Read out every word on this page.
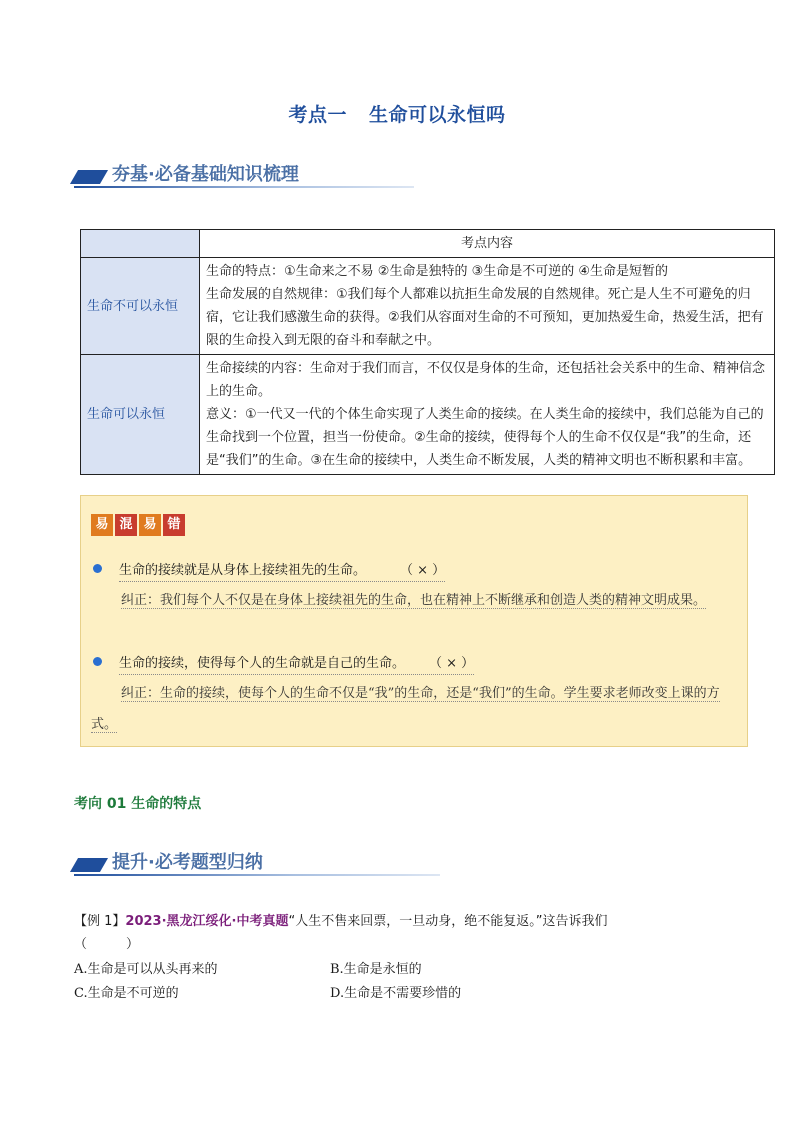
考点一 生命可以永恒吗
夯基·必备基础知识梳理
	考点内容
生命不可以永恒	生命的特点：①生命来之不易 ②生命是独特的 ③生命是不可逆的 ④生命是短暂的
生命发展的自然规律：①我们每个人都难以抗拒生命发展的自然规律。死亡是人生不可避免的归宿，它让我们感激生命的获得。②我们从容面对生命的不可预知，更加热爱生命，热爱生活，把有限的生命投入到无限的奋斗和奉献之中。

生命可以永恒	生命接续的内容：生命对于我们而言，不仅仅是身体的生命，还包括社会关系中的生命、精神信念上的生命。
意义：①一代又一代的个体生命实现了人类生命的接续。在人类生命的接续中，我们总能为自己的生命找到一个位置，担当一份使命。②生命的接续，使得每个人的生命不仅仅是“我”的生命，还是“我们”的生命。③在生命的接续中，人类生命不断发展，人类的精神文明也不断积累和丰富。
易 混 易 错
生命的接续就是从身体上接续祖先的生命。	（ × ）
纠正：我们每个人不仅是在身体上接续祖先的生命，也在精神上不断继承和创造人类的精神文明成果。
生命的接续，使得每个人的生命就是自己的生命。 （ × ）
纠正：生命的接续，使每个人的生命不仅是“我”的生命，还是“我们”的生命。学生要求老师改变上课的方式。
考向 01 生命的特点
提升·必考题型归纳
【例 1】2023·黑龙江绥化·中考真题“人生不售来回票，一旦动身，绝不能复返。”这告诉我们
（　　　）
A.生命是可以从头再来的	B.生命是永恒的
C.生命是不可逆的	D.生命是不需要珍惜的
